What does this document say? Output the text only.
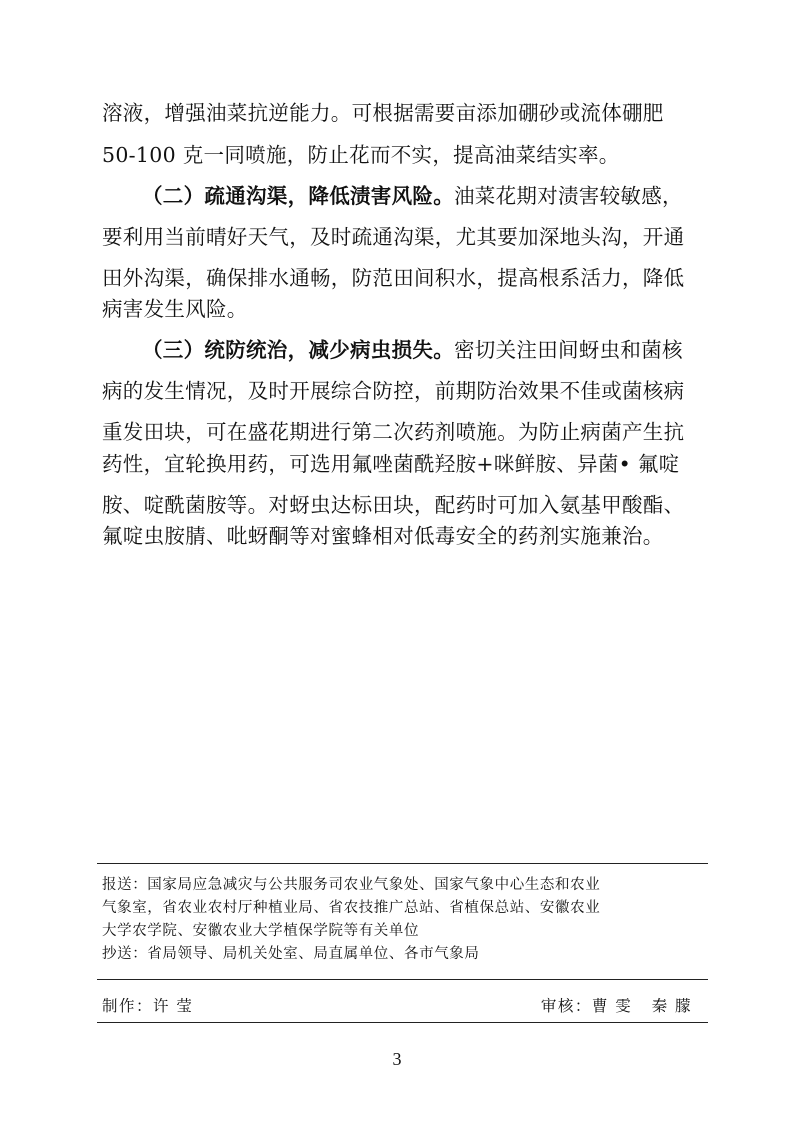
溶液，增强油菜抗逆能力。可根据需要亩添加硼砂或流体硼肥
50-100 克一同喷施，防止花而不实，提高油菜结实率。
（二）疏通沟渠，降低渍害风险。油菜花期对渍害较敏感，
要利用当前晴好天气，及时疏通沟渠，尤其要加深地头沟，开通
田外沟渠，确保排水通畅，防范田间积水，提高根系活力，降低
病害发生风险。
（三）统防统治，减少病虫损失。密切关注田间蚜虫和菌核
病的发生情况，及时开展综合防控，前期防治效果不佳或菌核病
重发田块，可在盛花期进行第二次药剂喷施。为防止病菌产生抗
药性，宜轮换用药，可选用氟唑菌酰羟胺+咪鲜胺、异菌• 氟啶
胺、啶酰菌胺等。对蚜虫达标田块，配药时可加入氨基甲酸酯、
氟啶虫胺腈、吡蚜酮等对蜜蜂相对低毒安全的药剂实施兼治。
报送：国家局应急减灾与公共服务司农业气象处、国家气象中心生态和农业
气象室，省农业农村厅种植业局、省农技推广总站、省植保总站、安徽农业
大学农学院、安徽农业大学植保学院等有关单位
抄送：省局领导、局机关处室、局直属单位、各市气象局
制作：许 莹	审核：曹 雯   秦 朦
3
